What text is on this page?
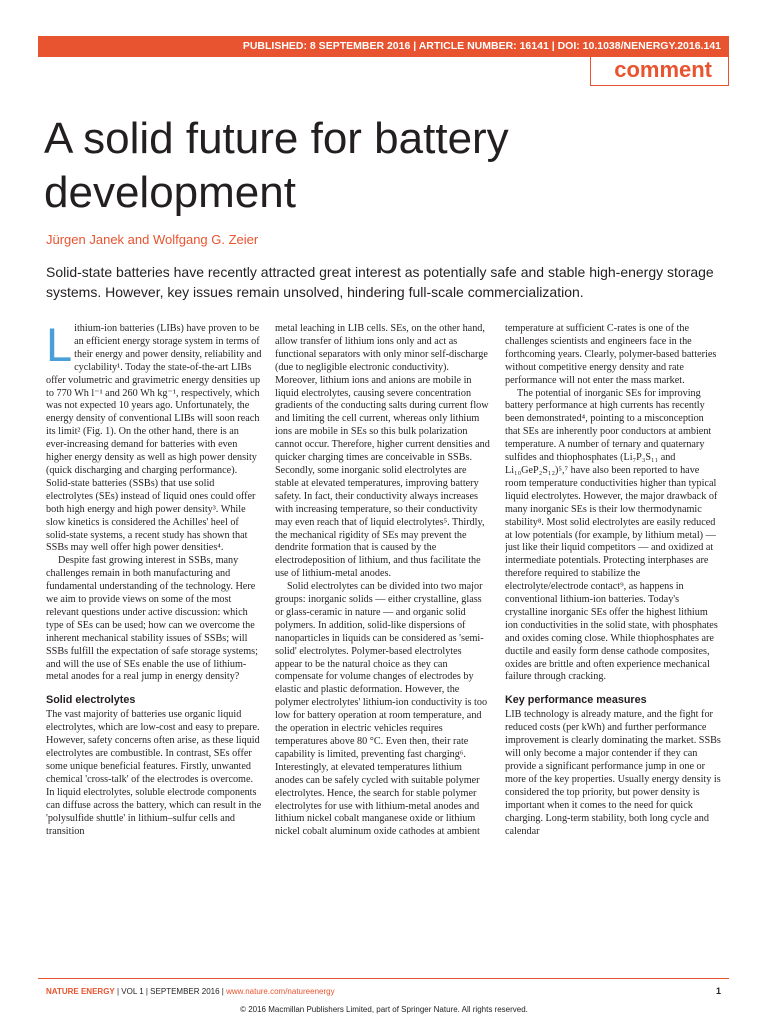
PUBLISHED: 8 SEPTEMBER 2016 | ARTICLE NUMBER: 16141 | DOI: 10.1038/NENERGY.2016.141
comment
A solid future for battery development
Jürgen Janek and Wolfgang G. Zeier

Solid-state batteries have recently attracted great interest as potentially safe and stable high-energy storage systems. However, key issues remain unsolved, hindering full-scale commercialization.

Lithium-ion batteries (LIBs) have proven to be an efficient energy storage system in terms of their energy and power density, reliability and cyclability¹. Today the state-of-the-art LIBs offer volumetric and gravimetric energy densities up to 770 Wh l⁻¹ and 260 Wh kg⁻¹, respectively, which was not expected 10 years ago. Unfortunately, the energy density of conventional LIBs will soon reach its limit² (Fig. 1). On the other hand, there is an ever-increasing demand for batteries with even higher energy density as well as high power density (quick discharging and charging performance). Solid-state batteries (SSBs) that use solid electrolytes (SEs) instead of liquid ones could offer both high energy and high power density³. While slow kinetics is considered the Achilles' heel of solid-state systems, a recent study has shown that SSBs may well offer high power densities⁴.

Despite fast growing interest in SSBs, many challenges remain in both manufacturing and fundamental understanding of the technology. Here we aim to provide views on some of the most relevant questions under active discussion: which type of SEs can be used; how can we overcome the inherent mechanical stability issues of SSBs; will SSBs fulfill the expectation of safe storage systems; and will the use of SEs enable the use of lithium-metal anodes for a real jump in energy density?

Solid electrolytes

The vast majority of batteries use organic liquid electrolytes, which are low-cost and easy to prepare. However, safety concerns often arise, as these liquid electrolytes are combustible. In contrast, SEs offer some unique beneficial features. Firstly, unwanted chemical 'cross-talk' of the electrodes is overcome. In liquid electrolytes, soluble electrode components can diffuse across the battery, which can result in the 'polysulfide shuttle' in lithium–sulfur cells and transition

metal leaching in LIB cells. SEs, on the other hand, allow transfer of lithium ions only and act as functional separators with only minor self-discharge (due to negligible electronic conductivity). Moreover, lithium ions and anions are mobile in liquid electrolytes, causing severe concentration gradients of the conducting salts during current flow and limiting the cell current, whereas only lithium ions are mobile in SEs so this bulk polarization cannot occur. Therefore, higher current densities and quicker charging times are conceivable in SSBs. Secondly, some inorganic solid electrolytes are stable at elevated temperatures, improving battery safety. In fact, their conductivity always increases with increasing temperature, so their conductivity may even reach that of liquid electrolytes⁵. Thirdly, the mechanical rigidity of SEs may prevent the dendrite formation that is caused by the electrodeposition of lithium, and thus facilitate the use of lithium-metal anodes.

Solid electrolytes can be divided into two major groups: inorganic solids — either crystalline, glass or glass-ceramic in nature — and organic solid polymers. In addition, solid-like dispersions of nanoparticles in liquids can be considered as 'semi-solid' electrolytes. Polymer-based electrolytes appear to be the natural choice as they can compensate for volume changes of electrodes by elastic and plastic deformation. However, the polymer electrolytes' lithium-ion conductivity is too low for battery operation at room temperature, and the operation in electric vehicles requires temperatures above 80 °C. Even then, their rate capability is limited, preventing fast charging⁶. Interestingly, at elevated temperatures lithium anodes can be safely cycled with suitable polymer electrolytes. Hence, the search for stable polymer electrolytes for use with lithium-metal anodes and lithium nickel cobalt manganese oxide or lithium nickel cobalt aluminum oxide cathodes at ambient

temperature at sufficient C-rates is one of the challenges scientists and engineers face in the forthcoming years. Clearly, polymer-based batteries without competitive energy density and rate performance will not enter the mass market.

The potential of inorganic SEs for improving battery performance at high currents has recently been demonstrated⁴, pointing to a misconception that SEs are inherently poor conductors at ambient temperature. A number of ternary and quaternary sulfides and thiophosphates (Li₇P₃S₁₁ and Li₁₀GeP₂S₁₂)⁵,⁷ have also been reported to have room temperature conductivities higher than typical liquid electrolytes. However, the major drawback of many inorganic SEs is their low thermodynamic stability⁸. Most solid electrolytes are easily reduced at low potentials (for example, by lithium metal) — just like their liquid competitors — and oxidized at intermediate potentials. Protecting interphases are therefore required to stabilize the electrolyte/electrode contact⁹, as happens in conventional lithium-ion batteries. Today's crystalline inorganic SEs offer the highest lithium ion conductivities in the solid state, with phosphates and oxides coming close. While thiophosphates are ductile and easily form dense cathode composites, oxides are brittle and often experience mechanical failure through cracking.

Key performance measures

LIB technology is already mature, and the fight for reduced costs (per kWh) and further performance improvement is clearly dominating the market. SSBs will only become a major contender if they can provide a significant performance jump in one or more of the key properties. Usually energy density is considered the top priority, but power density is important when it comes to the need for quick charging. Long-term stability, both long cycle and calendar

NATURE ENERGY | VOL 1 | SEPTEMBER 2016 | www.nature.com/natureenergy	1
© 2016 Macmillan Publishers Limited, part of Springer Nature. All rights reserved.
